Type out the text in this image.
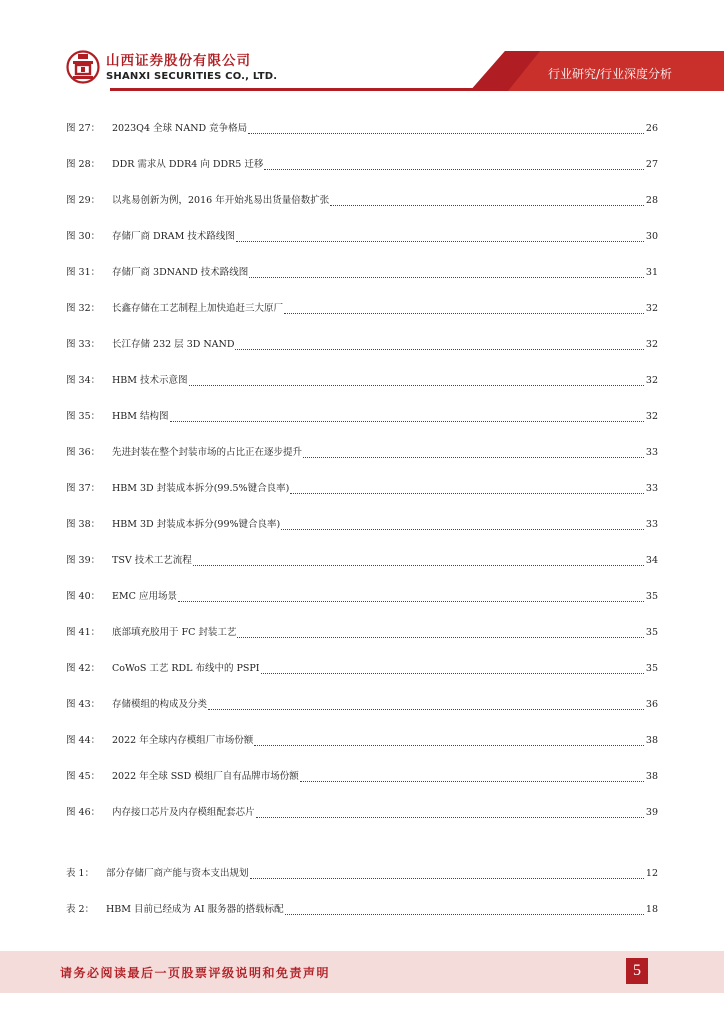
山西证券股份有限公司
SHANXI SECURITIES CO., LTD.	行业研究/行业深度分析
图 27：	2023Q4 全球 NAND 竞争格局	26
图 28：	DDR 需求从 DDR4 向 DDR5 迁移	27
图 29：	以兆易创新为例，2016 年开始兆易出货量倍数扩张	28
图 30：	存储厂商 DRAM 技术路线图	30
图 31：	存储厂商 3DNAND 技术路线图	31
图 32：	长鑫存储在工艺制程上加快追赶三大原厂	32
图 33：	长江存储 232 层 3D NAND	32
图 34：	HBM 技术示意图	32
图 35：	HBM 结构图	32
图 36：	先进封装在整个封装市场的占比正在逐步提升	33
图 37：	HBM 3D 封装成本拆分(99.5%键合良率)	33
图 38：	HBM 3D 封装成本拆分(99%键合良率)	33
图 39：	TSV 技术工艺流程	34
图 40：	EMC 应用场景	35
图 41：	底部填充胶用于 FC 封装工艺	35
图 42：	CoWoS 工艺 RDL 布线中的 PSPI	35
图 43：	存储模组的构成及分类	36
图 44：	2022 年全球内存模组厂市场份额	38
图 45：	2022 年全球 SSD 模组厂自有品牌市场份额	38
图 46：	内存接口芯片及内存模组配套芯片	39
表 1：	部分存储厂商产能与资本支出规划	12
表 2：	HBM 目前已经成为 AI 服务器的搭载标配	18
请务必阅读最后一页股票评级说明和免责声明	5
